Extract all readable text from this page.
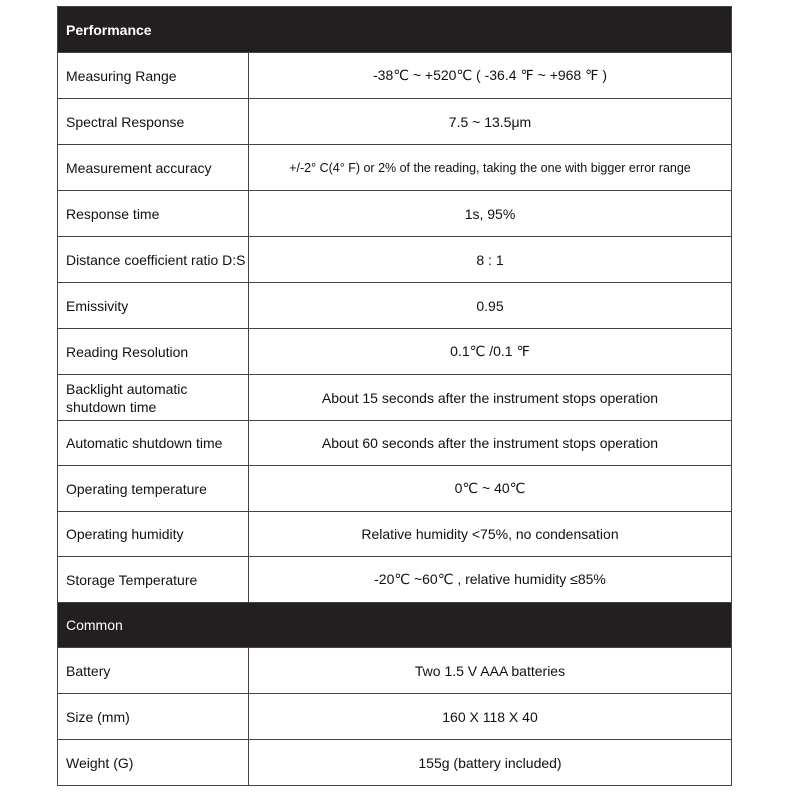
Performance	
Measuring Range	-38℃ ~ +520℃ ( -36.4 ℉ ~ +968 ℉ )
Spectral Response	7.5 ~ 13.5μm
Measurement accuracy	+/-2° C(4° F) or 2% of the reading, taking the one with bigger error range
Response time	1s, 95%
Distance coefficient ratio D:S	8 : 1
Emissivity	0.95
Reading Resolution	0.1℃ /0.1 ℉
Backlight automatic shutdown time	About 15 seconds after the instrument stops operation
Automatic shutdown time	About 60 seconds after the instrument stops operation
Operating temperature	0℃ ~ 40℃
Operating humidity	Relative humidity <75%, no condensation
Storage Temperature	-20℃ ~60℃ , relative humidity ≤85%
Common	
Battery	Two 1.5 V AAA batteries
Size (mm)	160 X 118 X 40
Weight (G)	155g (battery included)
